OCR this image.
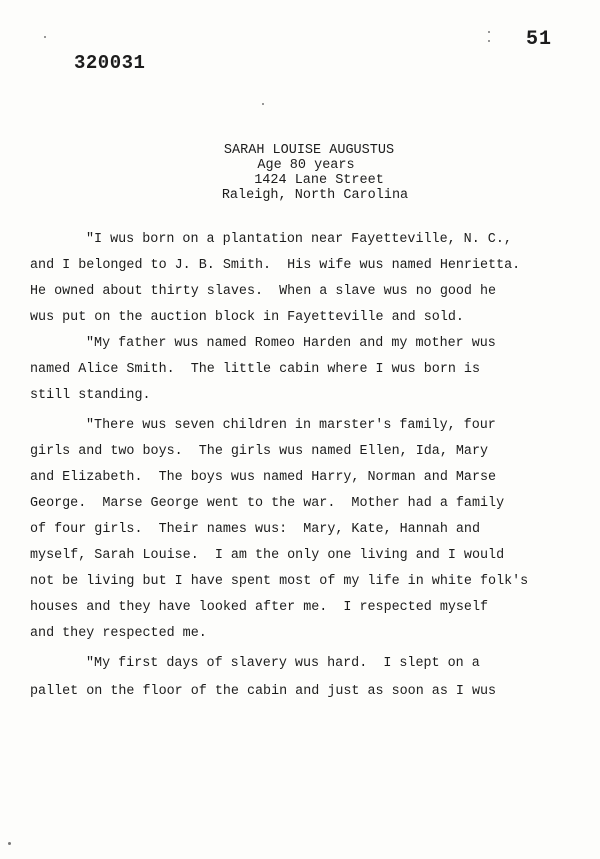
51
320031
SARAH LOUISE AUGUSTUS
Age 80 years
1424 Lane Street
Raleigh, North Carolina
"I wus born on a plantation near Fayetteville, N. C.,
and I belonged to J. B. Smith.  His wife wus named Henrietta.
He owned about thirty slaves.  When a slave wus no good he
wus put on the auction block in Fayetteville and sold.
"My father wus named Romeo Harden and my mother wus
named Alice Smith.  The little cabin where I wus born is
still standing.
"There wus seven children in marster's family, four
girls and two boys.  The girls wus named Ellen, Ida, Mary
and Elizabeth.  The boys wus named Harry, Norman and Marse
George.  Marse George went to the war.  Mother had a family
of four girls.  Their names wus:  Mary, Kate, Hannah and
myself, Sarah Louise.  I am the only one living and I would
not be living but I have spent most of my life in white folk's
houses and they have looked after me.  I respected myself
and they respected me.
"My first days of slavery wus hard.  I slept on a
pallet on the floor of the cabin and just as soon as I wus
